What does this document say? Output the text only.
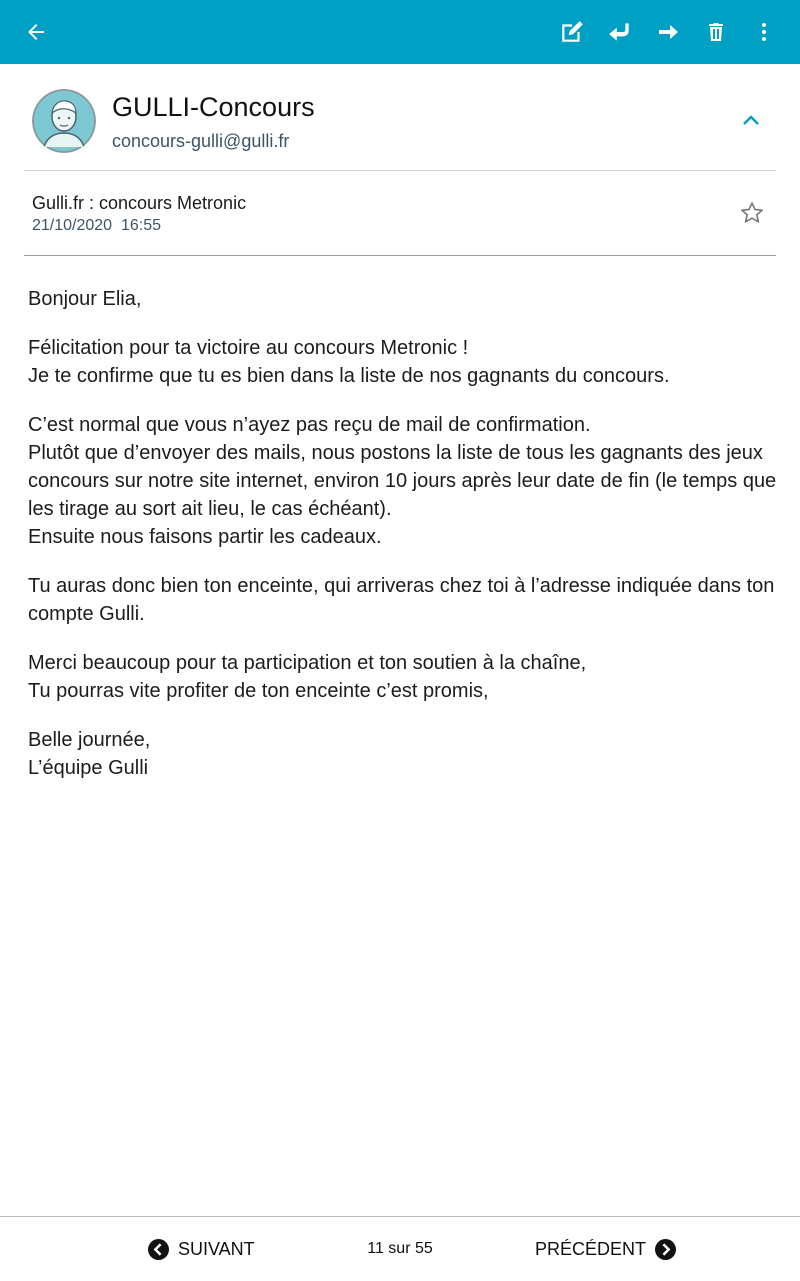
GULLI-Concours
concours-gulli@gulli.fr
Gulli.fr : concours Metronic
21/10/2020 16:55

Bonjour Elia,

Félicitation pour ta victoire au concours Metronic !
Je te confirme que tu es bien dans la liste de nos gagnants du concours.

C’est normal que vous n’ayez pas reçu de mail de confirmation.
Plutôt que d’envoyer des mails, nous postons la liste de tous les gagnants des jeux concours sur notre site internet, environ 10 jours après leur date de fin (le temps que les tirage au sort ait lieu, le cas échéant).
Ensuite nous faisons partir les cadeaux.

Tu auras donc bien ton enceinte, qui arriveras chez toi à l’adresse indiquée dans ton compte Gulli.

Merci beaucoup pour ta participation et ton soutien à la chaîne,
Tu pourras vite profiter de ton enceinte c’est promis,

Belle journée,
L’équipe Gulli

SUIVANT	11 sur 55	PRÉCÉDENT
